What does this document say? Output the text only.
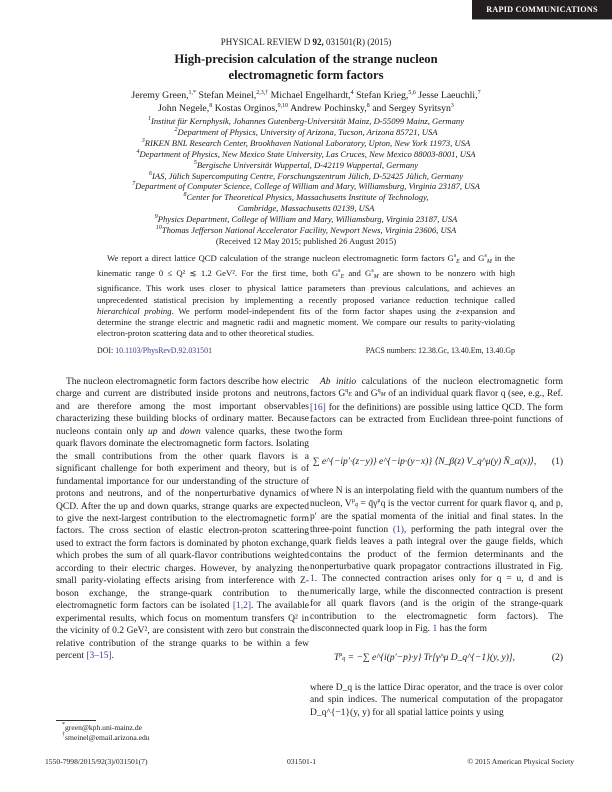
RAPID COMMUNICATIONS
PHYSICAL REVIEW D 92, 031501(R) (2015)
High-precision calculation of the strange nucleon
electromagnetic form factors
Jeremy Green,$^{1,*}$ Stefan Meinel,$^{2,3,\dagger}$ Michael Engelhardt,$^4$ Stefan Krieg,$^{5,6}$ Jesse Laeuchli,$^7$
John Negele,$^8$ Kostas Orginos,$^{9,10}$ Andrew Pochinsky,$^8$ and Sergey Syritsyn$^3$
$^1$Institut für Kernphysik, Johannes Gutenberg-Universität Mainz, D-55099 Mainz, Germany
$^2$Department of Physics, University of Arizona, Tucson, Arizona 85721, USA
$^3$RIKEN BNL Research Center, Brookhaven National Laboratory, Upton, New York 11973, USA
$^4$Department of Physics, New Mexico State University, Las Cruces, New Mexico 88003-8001, USA
$^5$Bergische Universität Wuppertal, D-42119 Wuppertal, Germany
$^6$IAS, Jülich Supercomputing Centre, Forschungszentrum Jülich, D-52425 Jülich, Germany
$^7$Department of Computer Science, College of William and Mary, Williamsburg, Virginia 23187, USA
$^8$Center for Theoretical Physics, Massachusetts Institute of Technology,
Cambridge, Massachusetts 02139, USA
$^9$Physics Department, College of William and Mary, Williamsburg, Virginia 23187, USA
$^{10}$Thomas Jefferson National Accelerator Facility, Newport News, Virginia 23606, USA
(Received 12 May 2015; published 26 August 2015)

We report a direct lattice QCD calculation of the strange nucleon electromagnetic form factors $G^s_E$ and $G^s_M$ in the kinematic range 0 ≤ Q² ≲ 1.2 GeV². For the first time, both $G^s_E$ and $G^s_M$ are shown to be nonzero with high significance. This work uses closer to physical lattice parameters than previous calculations, and achieves an unprecedented statistical precision by implementing a recently proposed variance reduction technique called hierarchical probing. We perform model-independent fits of the form factor shapes using the z-expansion and determine the strange electric and magnetic radii and magnetic moment. We compare our results to parity-violating electron-proton scattering data and to other theoretical studies.

DOI: 10.1103/PhysRevD.92.031501	PACS numbers: 12.38.Gc, 13.40.Em, 13.40.Gp

The nucleon electromagnetic form factors describe how electric charge and current are distributed inside protons and neutrons, and are therefore among the most important observables characterizing these building blocks of ordinary matter. Because nucleons contain only up and down valence quarks, these two quark flavors dominate the electromagnetic form factors. Isolating the small contributions from the other quark flavors is a significant challenge for both experiment and theory, but is of fundamental importance for our understanding of the structure of protons and neutrons, and of the nonperturbative dynamics of QCD. After the up and down quarks, strange quarks are expected to give the next-largest contribution to the electromagnetic form factors. The cross section of elastic electron-proton scattering used to extract the form factors is dominated by photon exchange, which probes the sum of all quark-flavor contributions weighted according to their electric charges. However, by analyzing the small parity-violating effects arising from interference with Z-boson exchange, the strange-quark contribution to the electromagnetic form factors can be isolated [1,2]. The available experimental results, which focus on momentum transfers Q² in the vicinity of 0.2 GeV², are consistent with zero but constrain the relative contribution of the strange quarks to be within a few percent [3–15].

Ab initio calculations of the nucleon electromagnetic form factors $G^qE$ and $G^qM$ of an individual quark flavor q (see, e.g., Ref. [16] for the definitions) are possible using lattice QCD. The form factors can be extracted from Euclidean three-point functions of the form

∑ e^{−ip′·(z−y)} e^{−ip·(y−x)} ⟨N_β(z) V_q^μ(y) N̄_α(x)⟩,	(1)

where N is an interpolating field with the quantum numbers of the nucleon, $V^\mu q$ = $q̄\gamma^\mu q$ is the vector current for quark flavor q, and p, p′ are the spatial momenta of the initial and final states. In the three-point function (1), performing the path integral over the quark fields leaves a path integral over the gauge fields, which contains the product of the fermion determinants and the nonperturbative quark propagator contractions illustrated in Fig. 1. The connected contraction arises only for q = u, d and is numerically large, while the disconnected contraction is present for all quark flavors (and is the origin of the strange-quark contribution to the electromagnetic form factors). The disconnected quark loop in Fig. 1 has the form

$T^\mu q$ = −∑ e^{i(p′−p)·y} Tr[γ^μ D_q^{−1}(y, y)],	(2)

where D_q is the lattice Dirac operator, and the trace is over color and spin indices. The numerical computation of the propagator D_q^{−1}(y, y) for all spatial lattice points y using

*green@kph.uni-mainz.de
†smeinel@email.arizona.edu
1550-7998/2015/92(3)/031501(7)	031501-1	© 2015 American Physical Society
